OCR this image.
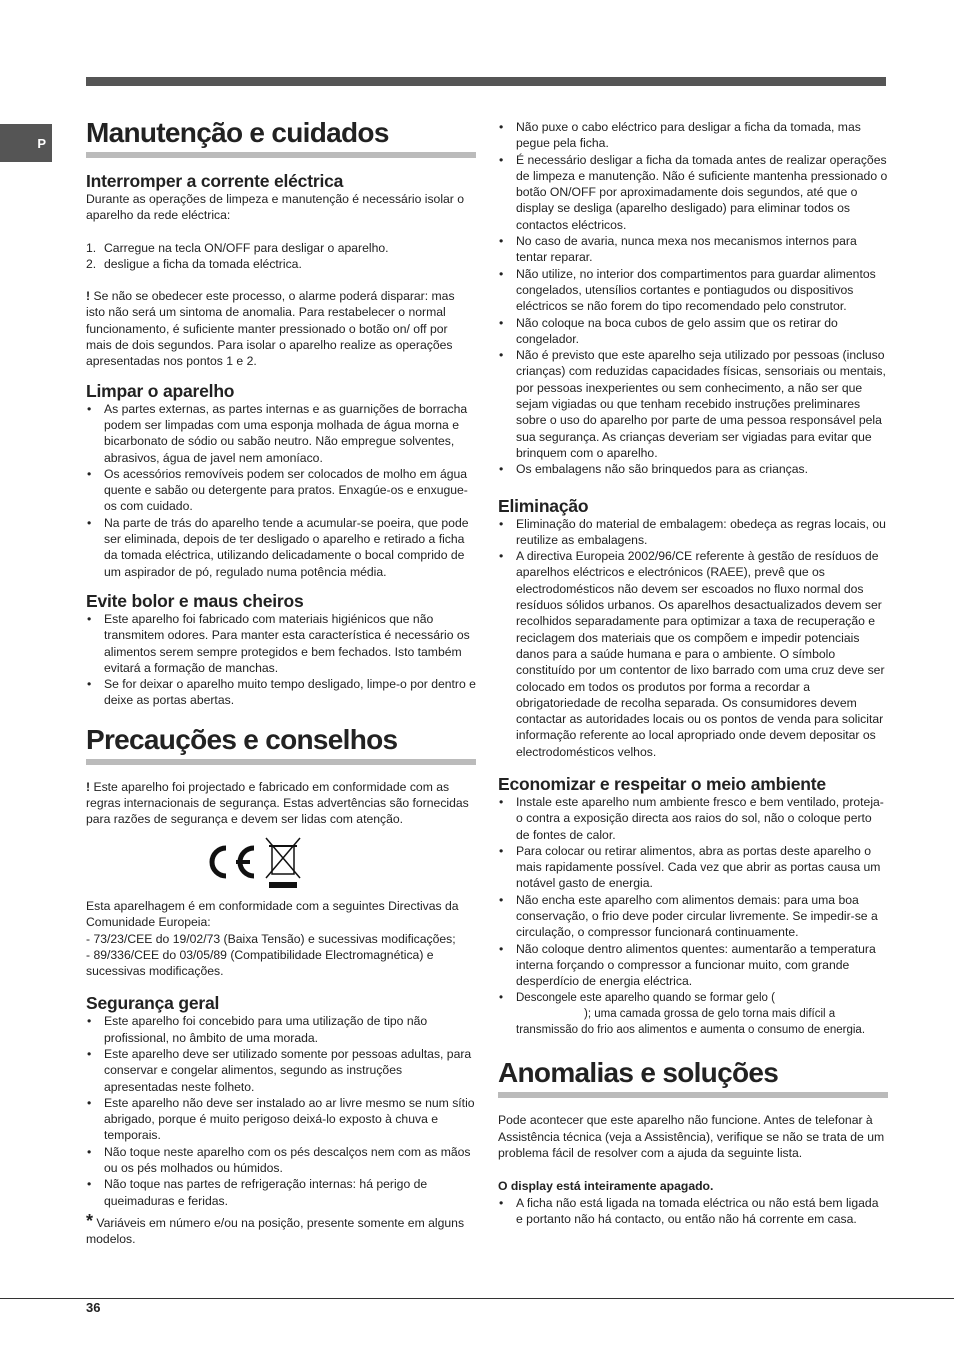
P Manutenção e cuidados
Interromper a corrente eléctrica

Durante as operações de limpeza e manutenção é necessário isolar o aparelho da rede eléctrica:

1. Carregue na tecla ON/OFF para desligar o aparelho.
2. desligue a ficha da tomada eléctrica.

! Se não se obedecer este processo, o alarme poderá disparar: mas isto não será um sintoma de anomalia. Para restabelecer o normal funcionamento, é suficiente manter pressionado o botão on/ off por mais de dois segundos. Para isolar o aparelho realize as operações apresentadas nos pontos 1 e 2.

Limpar o aparelho
• As partes externas, as partes internas e as guarnições de borracha podem ser limpadas com uma esponja molhada de água morna e bicarbonato de sódio ou sabão neutro. Não empregue solventes, abrasivos, água de javel nem amoníaco.
• Os acessórios removíveis podem ser colocados de molho em água quente e sabão ou detergente para pratos. Enxagúe-os e enxugue-os com cuidado.
• Na parte de trás do aparelho tende a acumular-se poeira, que pode ser eliminada, depois de ter desligado o aparelho e retirado a ficha da tomada eléctrica, utilizando delicadamente o bocal comprido de um aspirador de pó, regulado numa potência média.
Evite bolor e maus cheiros
• Este aparelho foi fabricado com materiais higiénicos que não transmitem odores. Para manter esta característica é necessário os alimentos serem sempre protegidos e bem fechados. Isto também evitará a formação de manchas.
• Se for deixar o aparelho muito tempo desligado, limpe-o por dentro e deixe as portas abertas.
Precauções e conselhos

! Este aparelho foi projectado e fabricado em conformidade com as regras internacionais de segurança. Estas advertências são fornecidas para razões de segurança e devem ser lidas com atenção.

Esta aparelhagem é em conformidade com a seguintes Directivas da Comunidade Europeia:

- 73/23/CEE do 19/02/73 (Baixa Tensão) e sucessivas modificações;

- 89/336/CEE do 03/05/89 (Compatibilidade Electromagnética) e sucessivas modificações.

Segurança geral
• Este aparelho foi concebido para uma utilização de tipo não profissional, no âmbito de uma morada.
• Este aparelho deve ser utilizado somente por pessoas adultas, para conservar e congelar alimentos, segundo as instruções apresentadas neste folheto.
• Este aparelho não deve ser instalado ao ar livre mesmo se num sítio abrigado, porque é muito perigoso deixá-lo exposto à chuva e temporais.
• Não toque neste aparelho com os pés descalços nem com as mãos ou os pés molhados ou húmidos.
• Não toque nas partes de refrigeração internas: há perigo de queimaduras e feridas.

* Variáveis em número e/ou na posição, presente somente em alguns modelos.

• Não puxe o cabo eléctrico para desligar a ficha da tomada, mas pegue pela ficha.
• É necessário desligar a ficha da tomada antes de realizar operações de limpeza e manutenção. Não é suficiente mantenha pressionado o botão ON/OFF por aproximadamente dois segundos, até que o display se desliga (aparelho desligado) para eliminar todos os contactos eléctricos.
• No caso de avaria, nunca mexa nos mecanismos internos para tentar reparar.
• Não utilize, no interior dos compartimentos para guardar alimentos congelados, utensílios cortantes e pontiagudos ou dispositivos eléctricos se não forem do tipo recomendado pelo construtor.
• Não coloque na boca cubos de gelo assim que os retirar do congelador.
• Não é previsto que este aparelho seja utilizado por pessoas (incluso crianças) com reduzidas capacidades físicas, sensoriais ou mentais, por pessoas inexperientes ou sem conhecimento, a não ser que sejam vigiadas ou que tenham recebido instruções preliminares sobre o uso do aparelho por parte de uma pessoa responsável pela sua segurança. As crianças deveriam ser vigiadas para evitar que brinquem com o aparelho.
• Os embalagens não são brinquedos para as crianças.
Eliminação
• Eliminação do material de embalagem: obedeça as regras locais, ou reutilize as embalagens.
• A directiva Europeia 2002/96/CE referente à gestão de resíduos de aparelhos eléctricos e electrónicos (RAEE), prevê que os electrodomésticos não devem ser escoados no fluxo normal dos resíduos sólidos urbanos. Os aparelhos desactualizados devem ser recolhidos separadamente para optimizar a taxa de recuperação e reciclagem dos materiais que os compõem e impedir potenciais danos para a saúde humana e para o ambiente. O símbolo constituído por um contentor de lixo barrado com uma cruz deve ser colocado em todos os produtos por forma a recordar a obrigatoriedade de recolha separada. Os consumidores devem contactar as autoridades locais ou os pontos de venda para solicitar informação referente ao local apropriado onde devem depositar os electrodomésticos velhos.
Economizar e respeitar o meio ambiente
• Instale este aparelho num ambiente fresco e bem ventilado, proteja-o contra a exposição directa aos raios do sol, não o coloque perto de fontes de calor.
• Para colocar ou retirar alimentos, abra as portas deste aparelho o mais rapidamente possível. Cada vez que abrir as portas causa um notável gasto de energia.
• Não encha este aparelho com alimentos demais: para uma boa conservação, o frio deve poder circular livremente. Se impedir-se a circulação, o compressor funcionará continuamente.
• Não coloque dentro alimentos quentes: aumentarão a temperatura interna forçando o compressor a funcionar muito, com grande desperdício de energia eléctrica.
• Descongele este aparelho quando se formar gelo (
); uma camada grossa de gelo torna mais difícil a transmissão do frio aos alimentos e aumenta o consumo de energia.
Anomalias e soluções

Pode acontecer que este aparelho não funcione. Antes de telefonar à Assistência técnica (veja a Assistência), verifique se não se trata de um problema fácil de resolver com a ajuda da seguinte lista.

O display está inteiramente apagado.

• A ficha não está ligada na tomada eléctrica ou não está bem ligada e portanto não há contacto, ou então não há corrente em casa.
36
